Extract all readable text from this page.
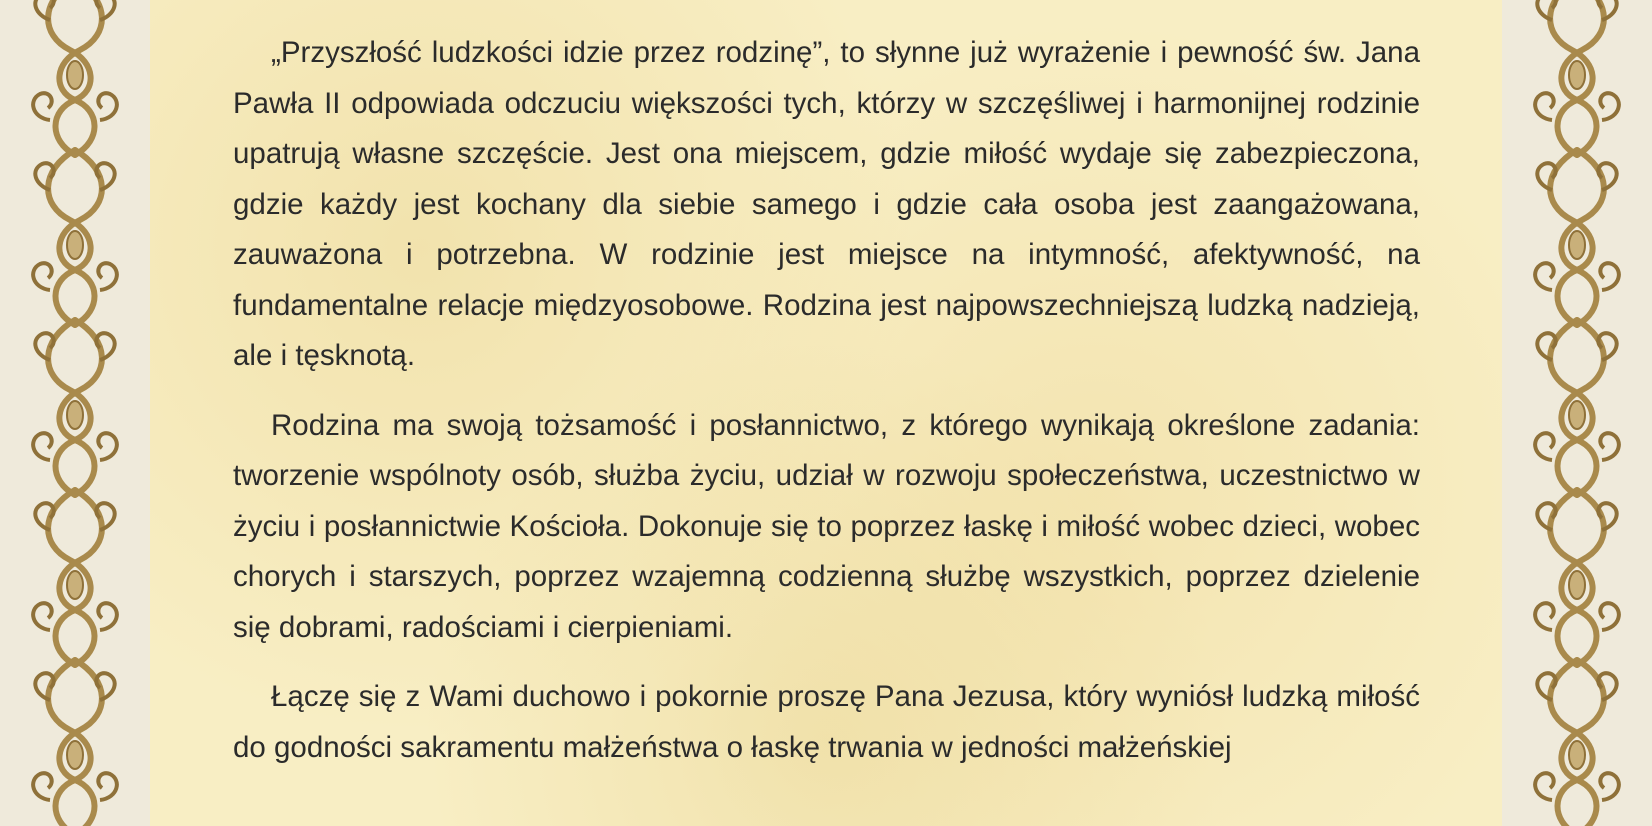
„Przyszłość ludzkości idzie przez rodzinę”, to słynne już wyrażenie i pewność św. Jana Pawła II odpowiada odczuciu większości tych, którzy w szczęśliwej i harmonijnej rodzinie upatrują własne szczęście. Jest ona miejscem, gdzie miłość wydaje się zabezpieczona, gdzie każdy jest kochany dla siebie samego i gdzie cała osoba jest zaangażowana, zauważona i potrzebna. W rodzinie jest miejsce na intymność, afektywność, na fundamentalne relacje międzyosobowe. Rodzina jest najpowszechniejszą ludzką nadzieją, ale i tęsknotą.

Rodzina ma swoją tożsamość i posłannictwo, z którego wynikają określone zadania: tworzenie wspólnoty osób, służba życiu, udział w rozwoju społeczeństwa, uczestnictwo w życiu i posłannictwie Kościoła. Dokonuje się to poprzez łaskę i miłość wobec dzieci, wobec chorych i starszych, poprzez wzajemną codzienną służbę wszystkich, poprzez dzielenie się dobrami, radościami i cierpieniami.

Łączę się z Wami duchowo i pokornie proszę Pana Jezusa, który wyniósł ludzką miłość do godności sakramentu małżeństwa o łaskę trwania w jedności małżeńskiej
